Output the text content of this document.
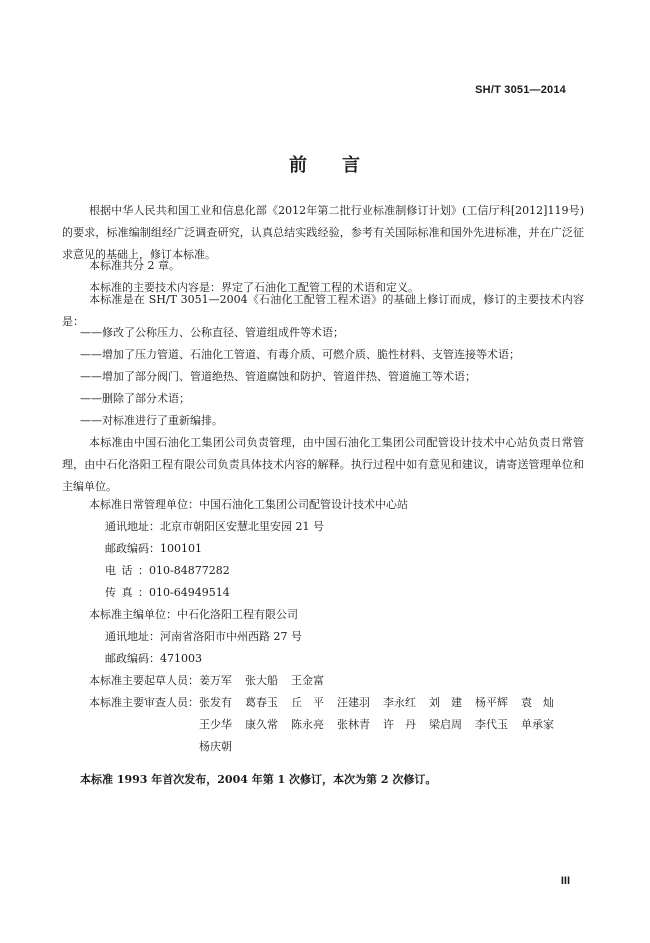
SH/T 3051—2014
前 言
根据中华人民共和国工业和信息化部《2012年第二批行业标准制修订计划》(工信厅科[2012]119号)的要求，标准编制组经广泛调查研究，认真总结实践经验，参考有关国际标准和国外先进标准，并在广泛征求意见的基础上，修订本标准。
本标准共分 2 章。
本标准的主要技术内容是：界定了石油化工配管工程的术语和定义。
本标准是在 SH/T 3051—2004《石油化工配管工程术语》的基础上修订而成，修订的主要技术内容是：
——修改了公称压力、公称直径、管道组成件等术语；
——增加了压力管道、石油化工管道、有毒介质、可燃介质、脆性材料、支管连接等术语；
——增加了部分阀门、管道绝热、管道腐蚀和防护、管道伴热、管道施工等术语；
——删除了部分术语；
——对标准进行了重新编排。
本标准由中国石油化工集团公司负责管理，由中国石油化工集团公司配管设计技术中心站负责日常管理，由中石化洛阳工程有限公司负责具体技术内容的解释。执行过程中如有意见和建议，请寄送管理单位和主编单位。
本标准日常管理单位：中国石油化工集团公司配管设计技术中心站
通讯地址：北京市朝阳区安慧北里安园 21 号
邮政编码：100101
电话：010-84877282
传真：010-64949514
本标准主编单位：中石化洛阳工程有限公司
通讯地址：河南省洛阳市中州西路 27 号
邮政编码：471003
本标准主要起草人员： 姜万军 张大船 王金富
本标准主要审查人员： 张发有 葛春玉 丘　平 汪建羽 李永红 刘　建 杨平辉 袁　灿
王少华 康久常 陈永亮 张林青 许　丹 梁启周 李代玉 单承家
杨庆朝
本标准 1993 年首次发布，2004 年第 1 次修订，本次为第 2 次修订。
III
